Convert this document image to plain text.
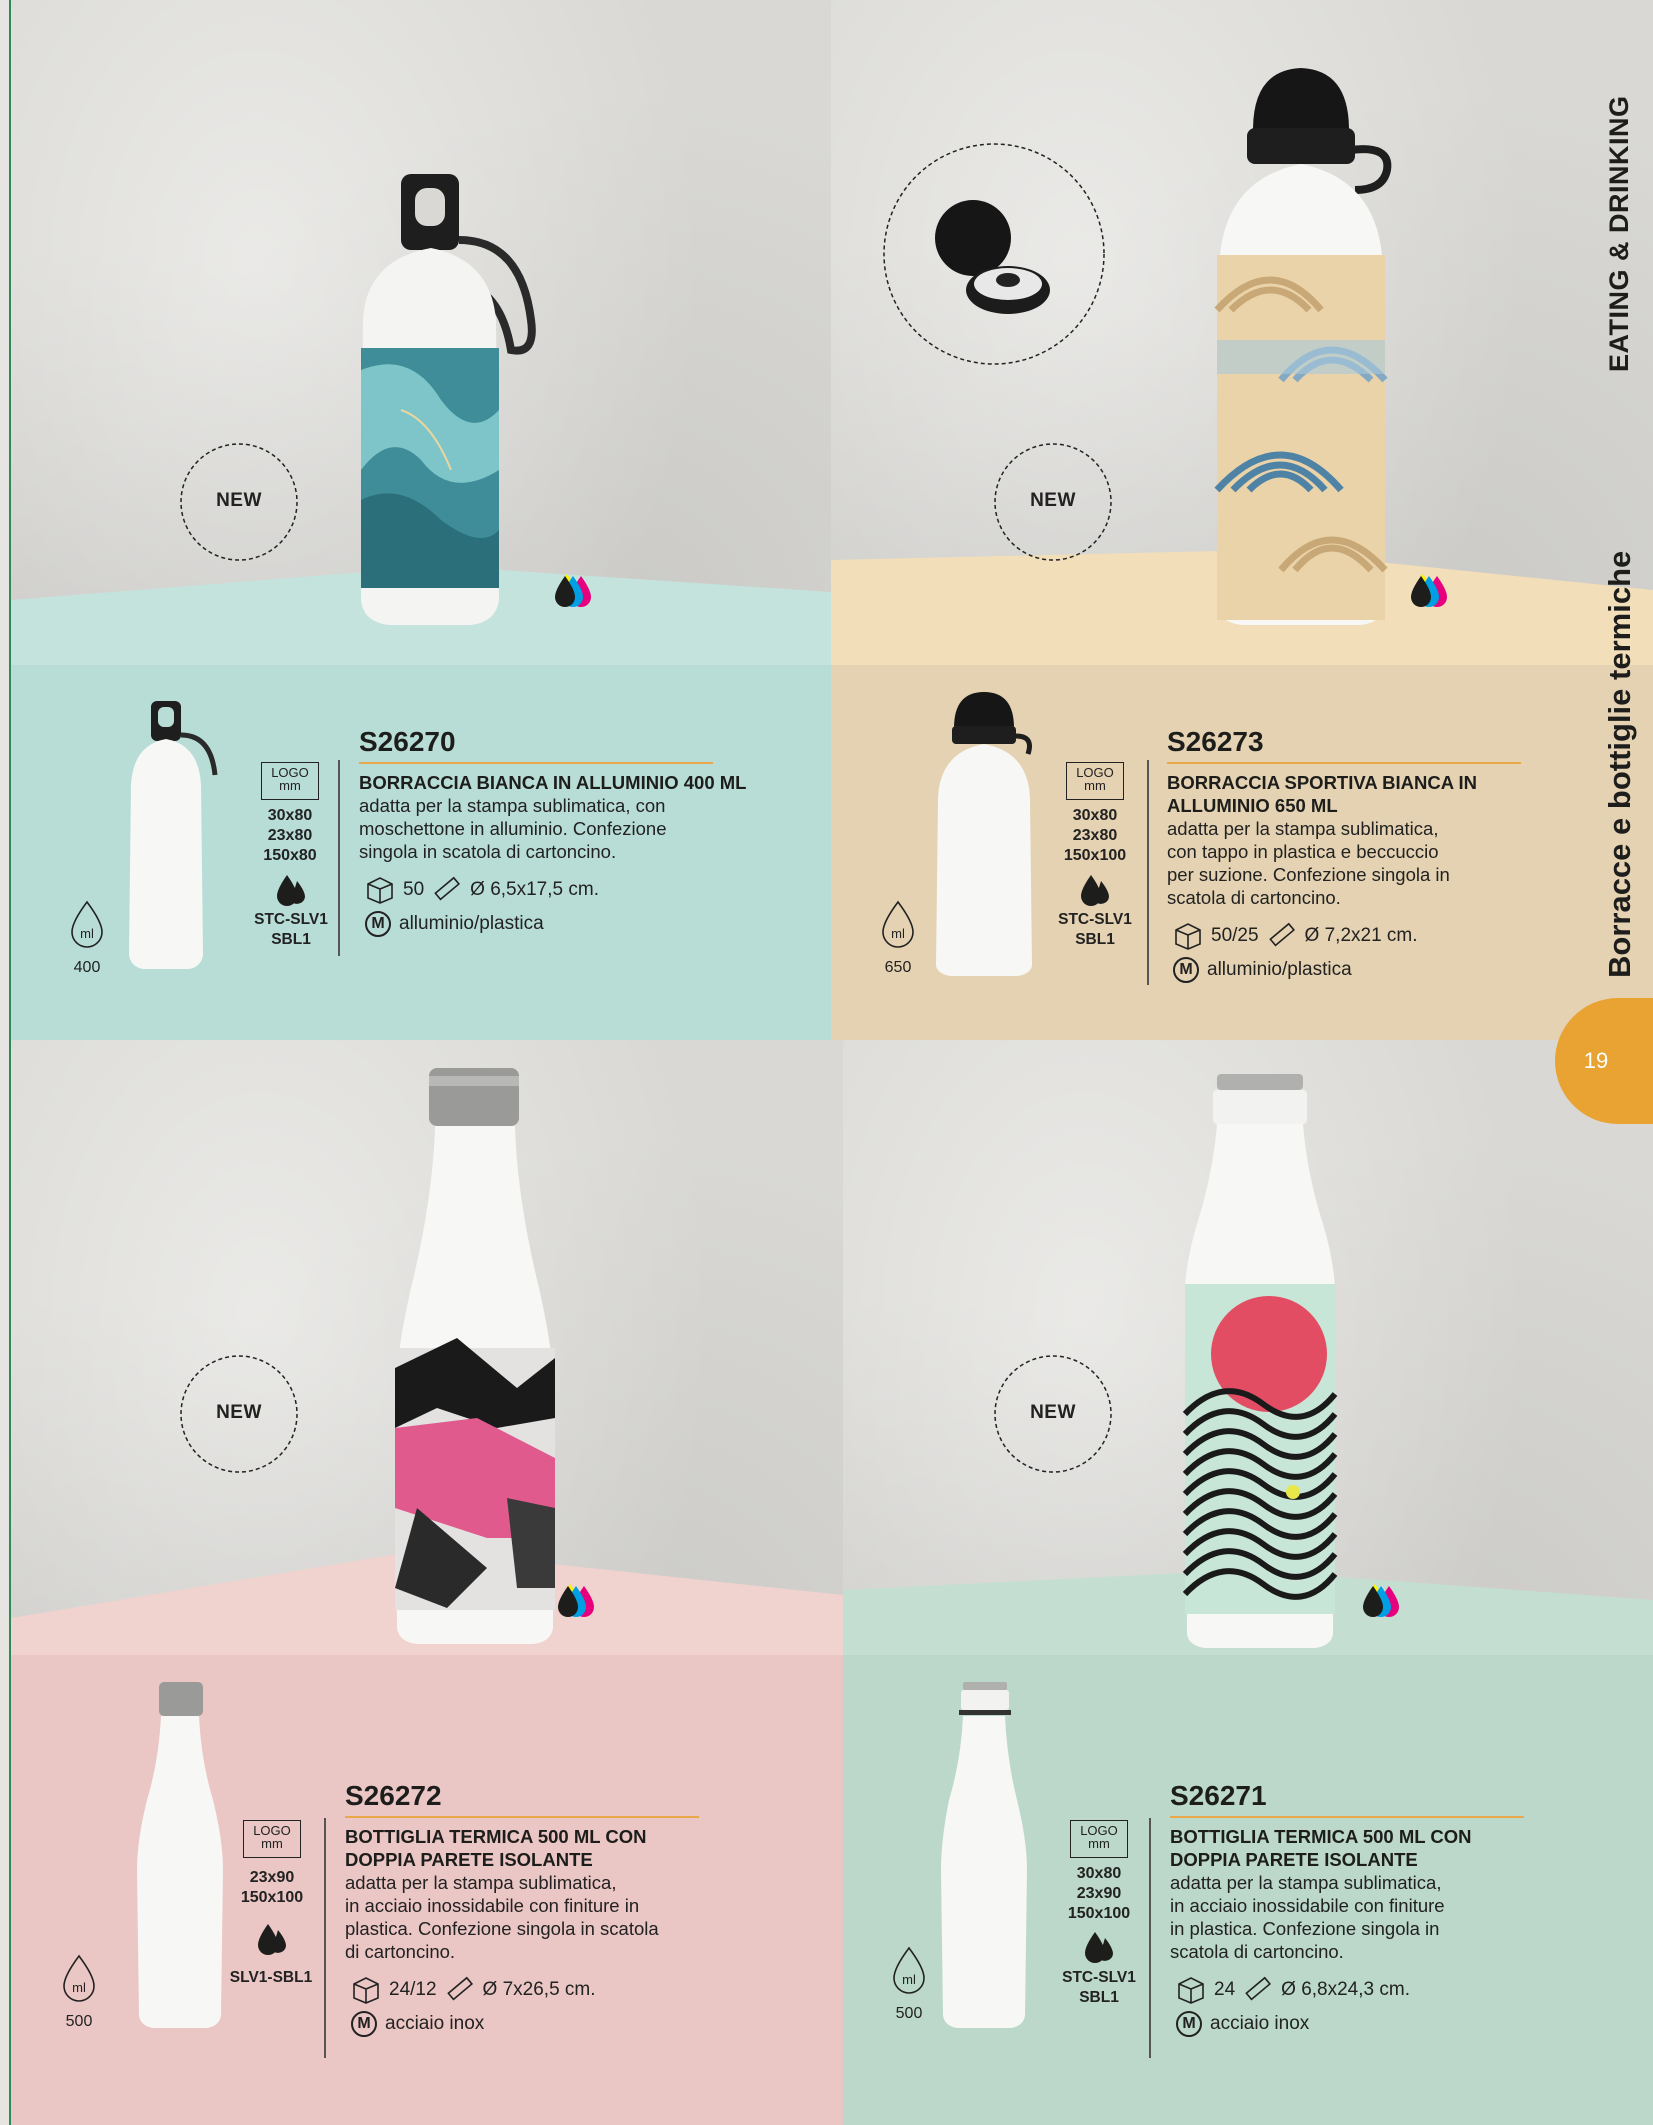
NEW
ml
400
LOGO
mm
30x80
23x80
150x80
STC-SLV1
SBL1
S26270
BORRACCIA BIANCA IN ALLUMINIO 400 ML
adatta per la stampa sublimatica, con
moschettone in alluminio. Confezione
singola in scatola di cartoncino.
50 Ø 6,5x17,5 cm.
M alluminio/plastica
NEW
ml
650
LOGO
mm
30x80
23x80
150x100
STC-SLV1
SBL1
S26273
BORRACCIA SPORTIVA BIANCA IN
ALLUMINIO 650 ML
adatta per la stampa sublimatica,
con tappo in plastica e beccuccio
per suzione. Confezione singola in
scatola di cartoncino.
50/25 Ø 7,2x21 cm.
M alluminio/plastica
NEW
ml
500
LOGO
mm
23x90
150x100
SLV1-SBL1
S26272
BOTTIGLIA TERMICA 500 ML CON
DOPPIA PARETE ISOLANTE
adatta per la stampa sublimatica,
in acciaio inossidabile con finiture in
plastica. Confezione singola in scatola
di cartoncino.
24/12 Ø 7x26,5 cm.
M acciaio inox
NEW
ml
500
LOGO
mm
30x80
23x90
150x100
STC-SLV1
SBL1
S26271
BOTTIGLIA TERMICA 500 ML CON
DOPPIA PARETE ISOLANTE
adatta per la stampa sublimatica,
in acciaio inossidabile con finiture
in plastica. Confezione singola in
scatola di cartoncino.
24 Ø 6,8x24,3 cm.
M acciaio inox
EATING & DRINKING
Borracce e bottiglie termiche
19
